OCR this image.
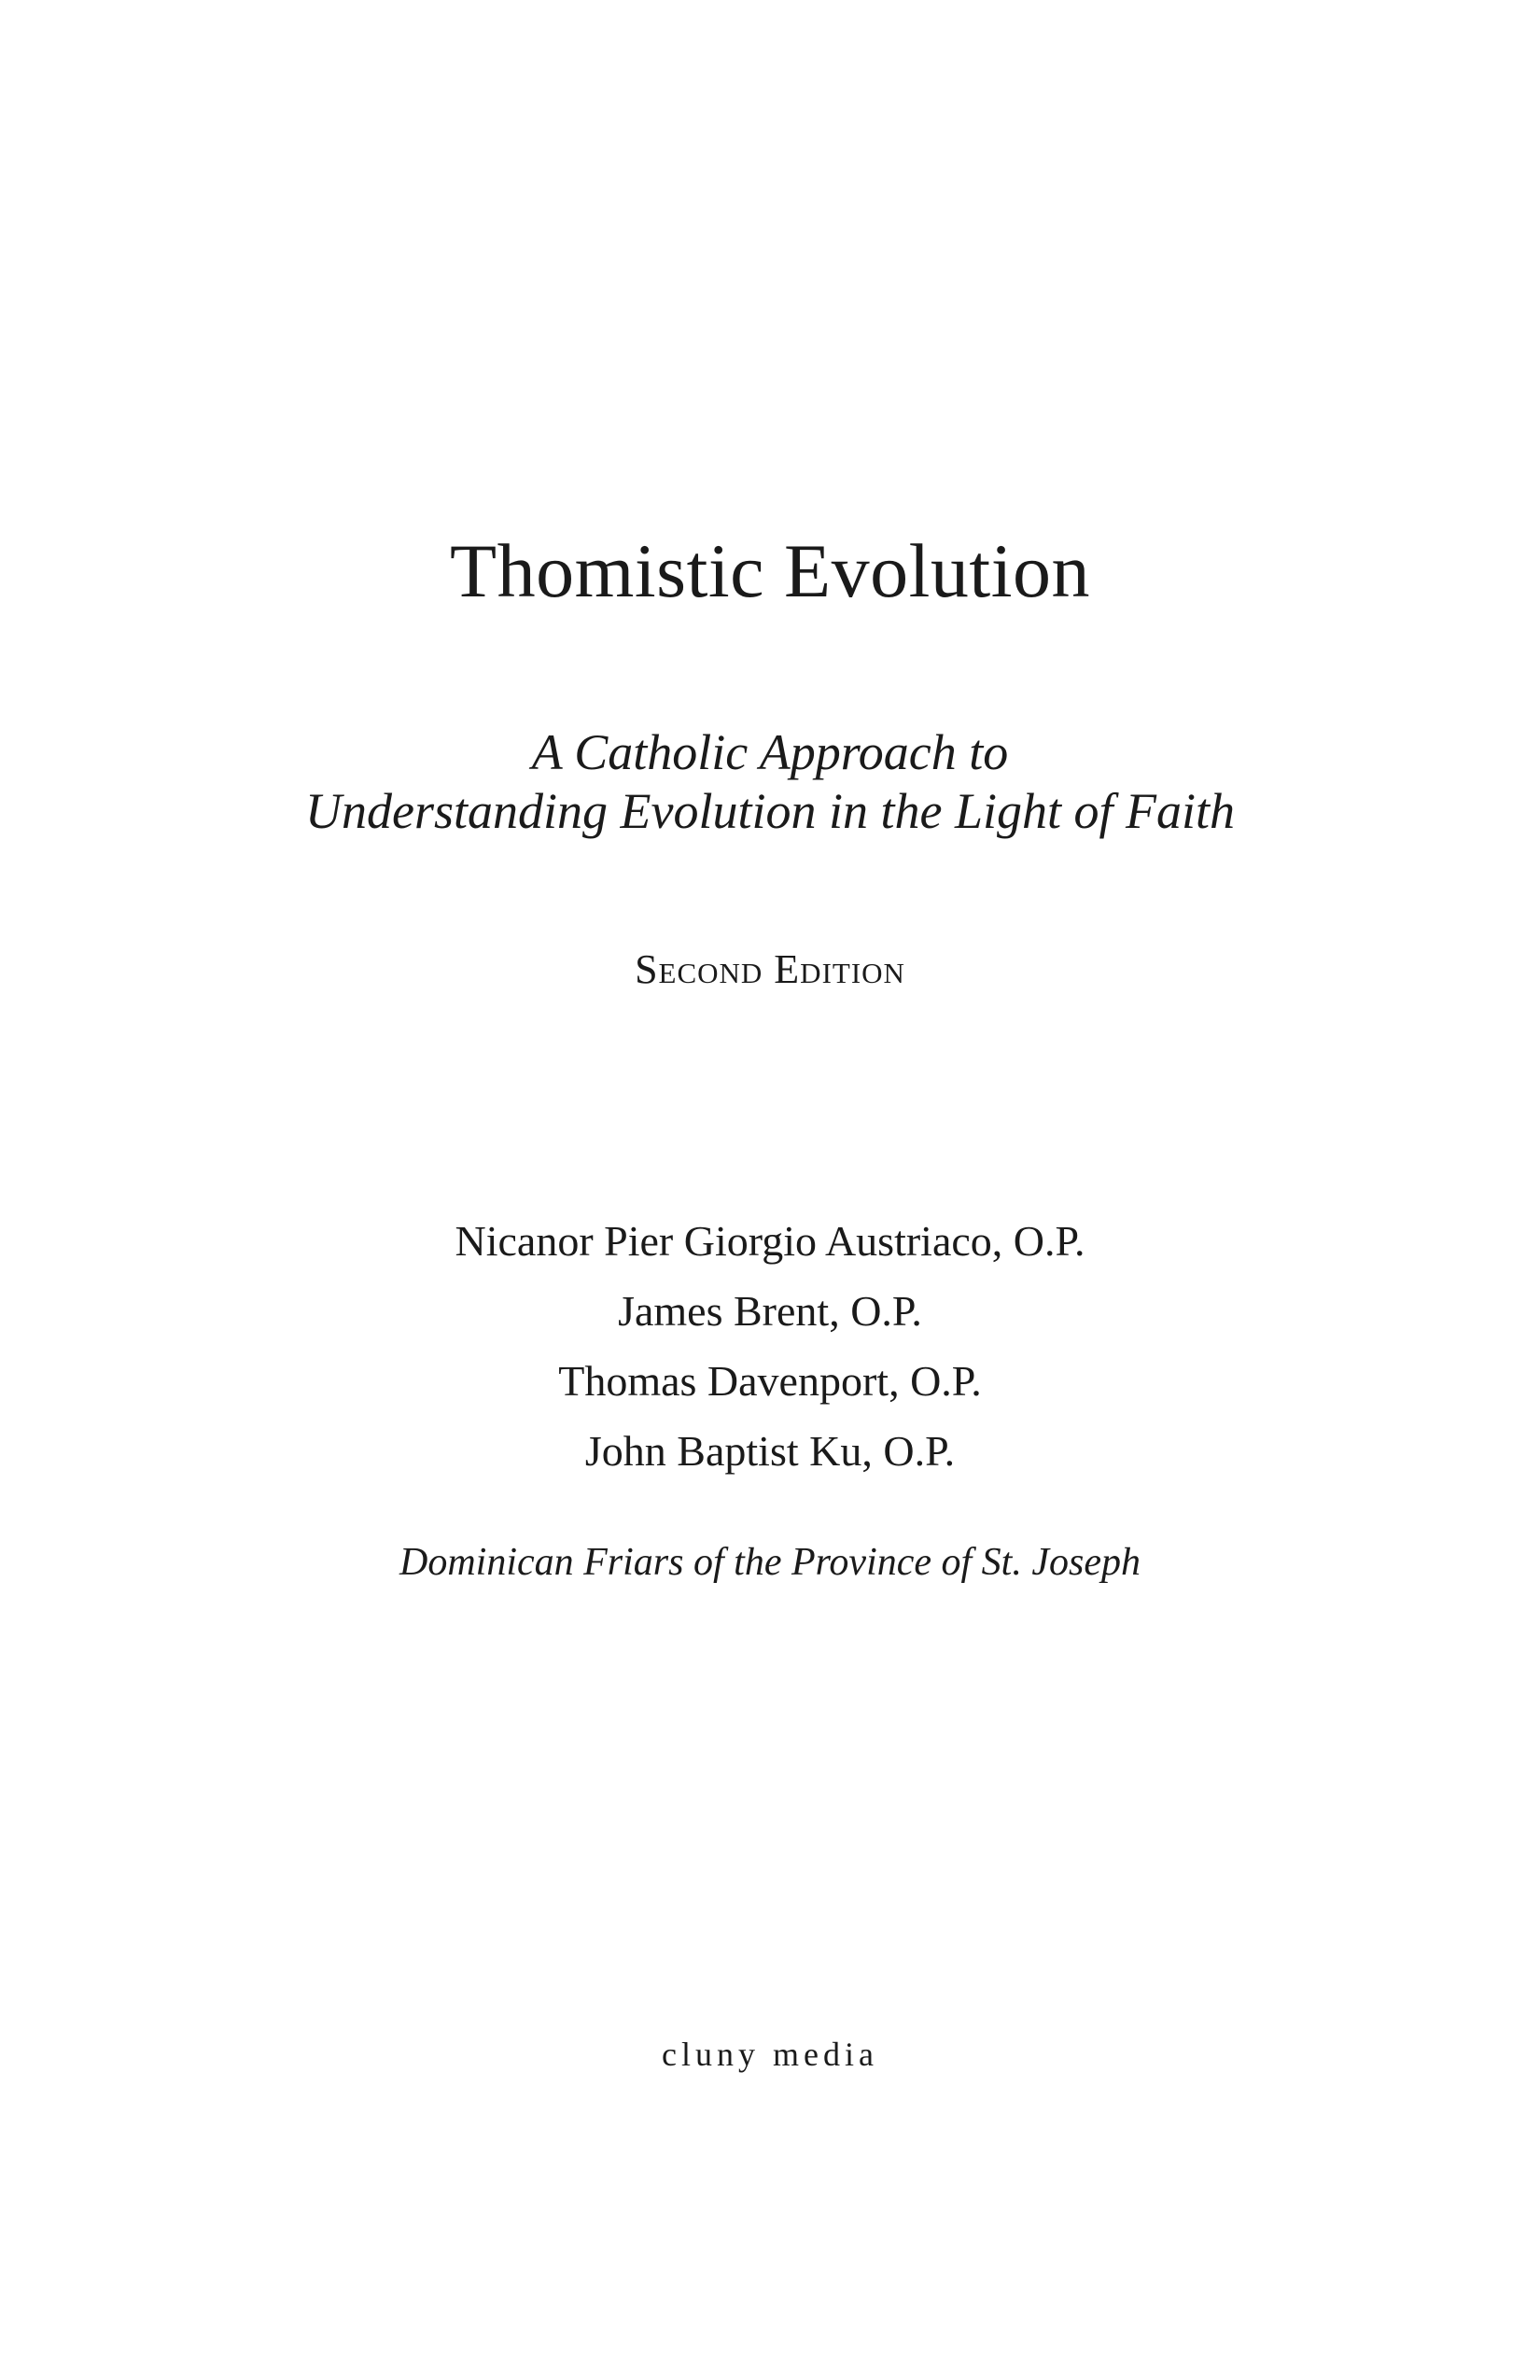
Thomistic Evolution

A Catholic Approach to

Understanding Evolution in the Light of Faith

Second Edition

Nicanor Pier Giorgio Austriaco, O.P.

James Brent, O.P.

Thomas Davenport, O.P.

John Baptist Ku, O.P.

Dominican Friars of the Province of St. Joseph

cluny media
